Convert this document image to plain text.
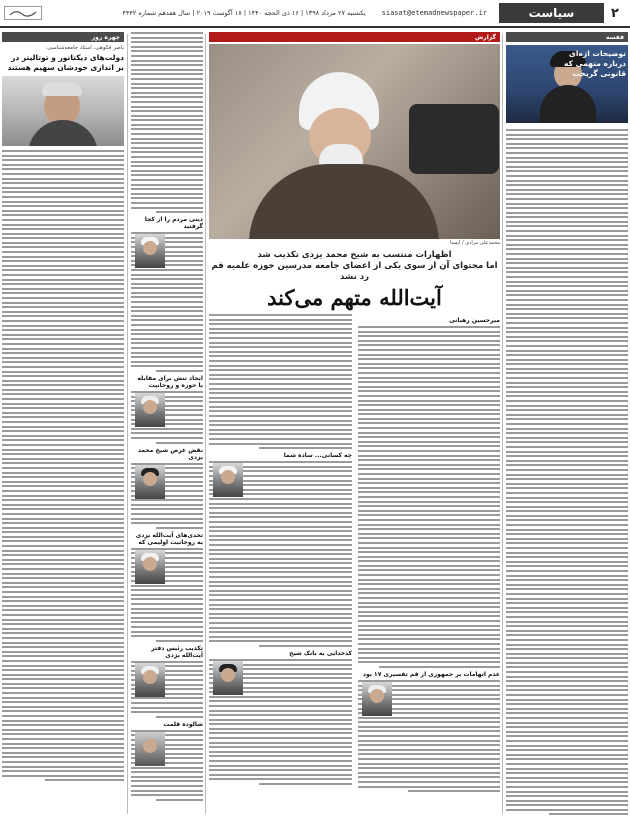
۲
سیاست
siasat@etemadnewspaper.ir
یکشنبه ۲۷ مرداد ۱۳۹۸ | ۱۶ ذی الحجه ۱۴۴۰ | ۱۸ آگوست ۲۰۱۹ | سال هفدهم شماره ۴۴۴۲
قفسه
توضیحات اژه‌ای درباره متهمی که قانونی گریخت
گزارش
محمدعلی مرادی / ایسنا
اظهارات منتسب به شیخ محمد یزدی تکذیب شد
اما محتوای آن از سوی یکی از اعضای جامعه مدرسین حوزه علمیه قم رد نشد
آیت‌الله متهم می‌کند
میرحسین رهبانی
عدم اتهامات بر جمهوری از قم تفسیری ۱۷ بود
چه کسانی... ساده شما
کدخدایی به بانک شیخ
دینی مردم را از کجا گرفتید
ایجاد تنش برای مقابله با حوزه و روحانیت
نقض غرض شیخ محمد یزدی
تحدی‌های آیت‌الله یزدی به روحانیت اولیمی که
تکذیب رئیس دفتر آیت‌الله یزدی
شالوده قلمت
چهره روز
ناصر فکوهی، استاد جامعه‌شناسی:
دولت‌های دیکتاتور و توتالیتر در بر اندازی خودشان سهیم هستند
